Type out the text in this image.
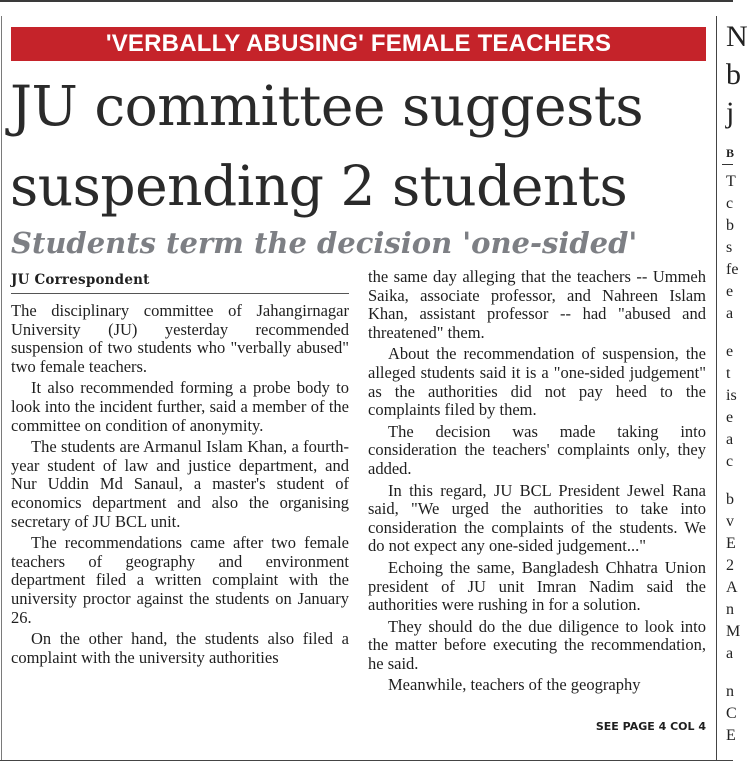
'VERBALLY ABUSING' FEMALE TEACHERS
JU committee suggests
suspending 2 students
Students term the decision 'one-sided'
JU Correspondent

The disciplinary committee of Jahangirnagar University (JU) yesterday recommended suspension of two students who "verbally abused" two female teachers.

It also recommended forming a probe body to look into the incident further, said a member of the committee on condition of anonymity.

The students are Armanul Islam Khan, a fourth-year student of law and justice department, and Nur Uddin Md Sanaul, a master's student of economics department and also the organising secretary of JU BCL unit.

The recommendations came after two female teachers of geography and environment department filed a written complaint with the university proctor against the students on January 26.

On the other hand, the students also filed a complaint with the university authorities

the same day alleging that the teachers -- Ummeh Saika, associate professor, and Nahreen Islam Khan, assistant professor -- had "abused and threatened" them.

About the recommendation of suspension, the alleged students said it is a "one-sided judgement" as the authorities did not pay heed to the complaints filed by them.

The decision was made taking into consideration the teachers' complaints only, they added.

In this regard, JU BCL President Jewel Rana said, "We urged the authorities to take into consideration the complaints of the students. We do not expect any one-sided judgement..."

Echoing the same, Bangladesh Chhatra Union president of JU unit Imran Nadim said the authorities were rushing in for a solution.

They should do the due diligence to look into the matter before executing the recommendation, he said.

Meanwhile, teachers of the geography

SEE PAGE 4 COL 4
N
b
j
B
T
c
b
s
fe
e
a
e
t
is
e
a
c
b
v
E
2
A
n
M
a
n
C
E
